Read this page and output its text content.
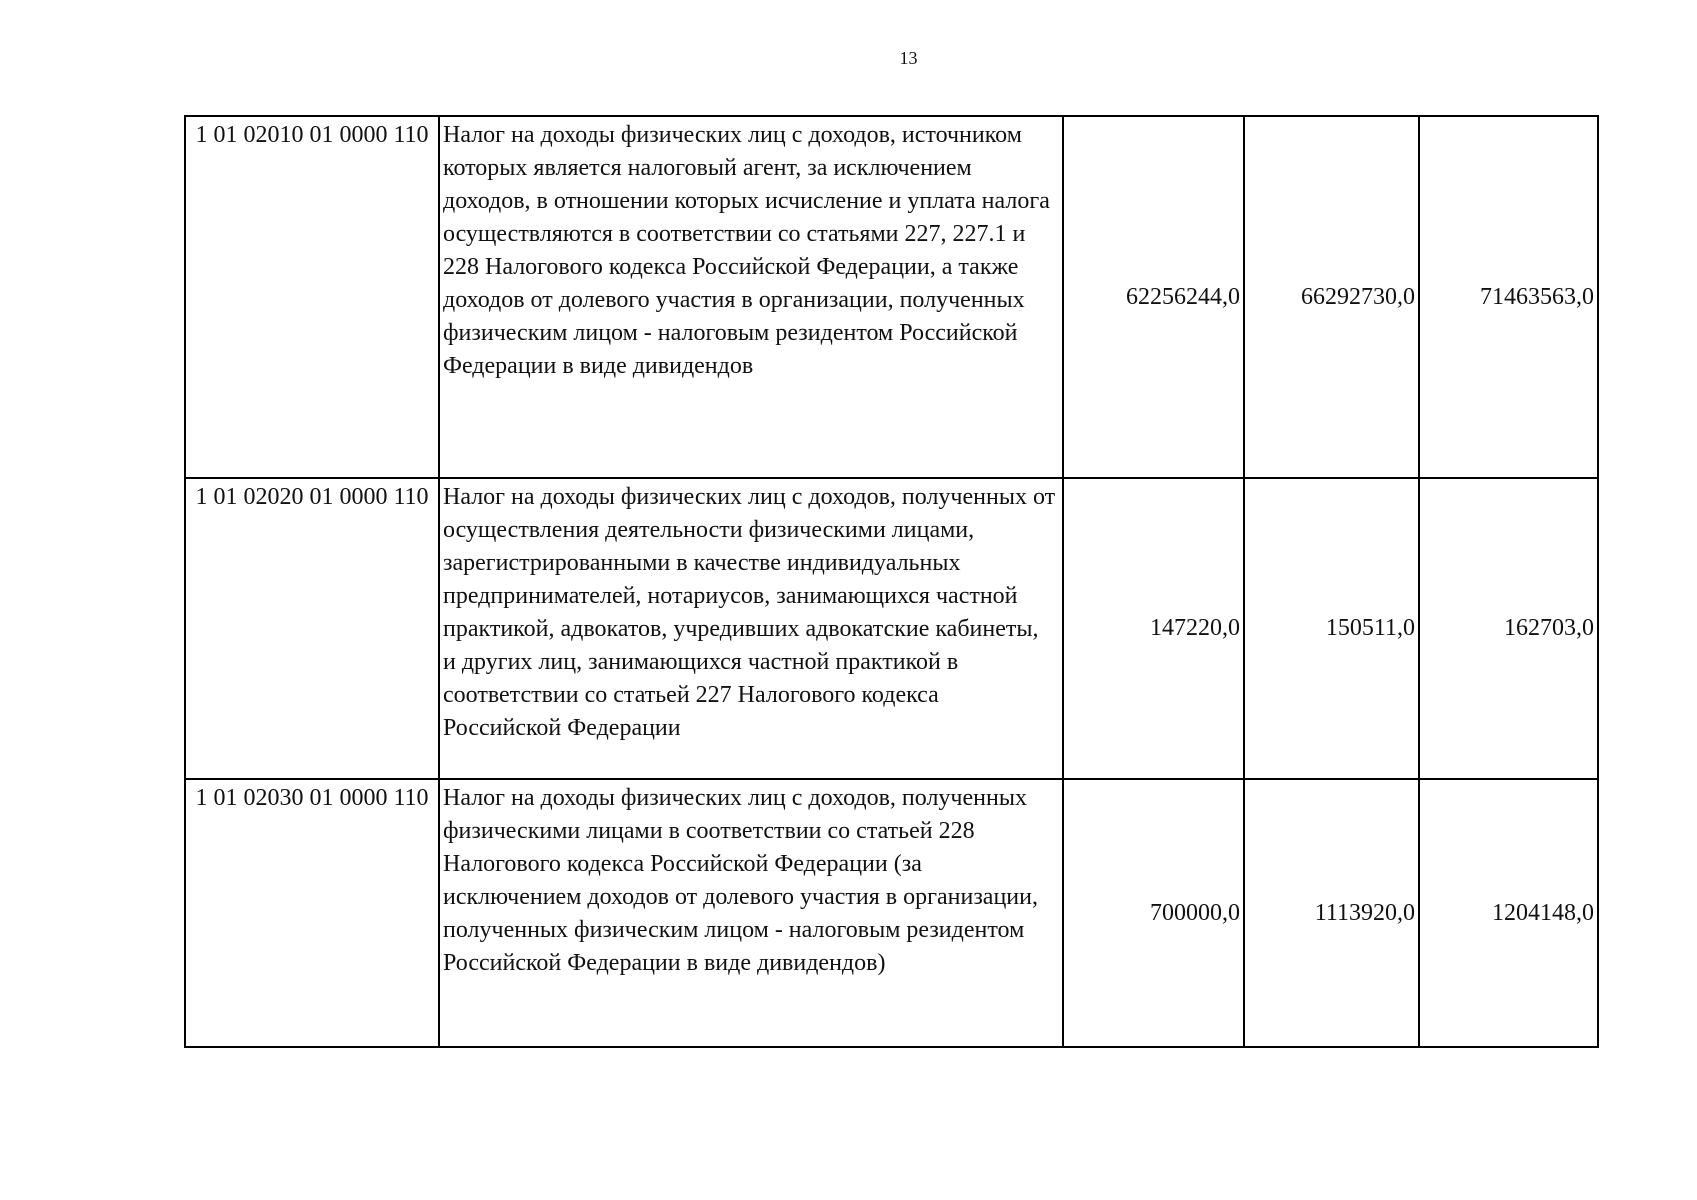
13
1 01 02010 01 0000 110	Налог на доходы физических лиц с доходов, источником которых является налоговый агент, за исключением доходов, в отношении которых исчисление и уплата налога осуществляются в соответствии со статьями 227, 227.1 и 228 Налогового кодекса Российской Федерации, а также доходов от долевого участия в организации, полученных физическим лицом - налоговым резидентом Российской Федерации в виде дивидендов	62256244,0	66292730,0	71463563,0
1 01 02020 01 0000 110	Налог на доходы физических лиц с доходов, полученных от осуществления деятельности физическими лицами, зарегистрированными в качестве индивидуальных предпринимателей, нотариусов, занимающихся частной практикой, адвокатов, учредивших адвокатские кабинеты, и других лиц, занимающихся частной практикой в соответствии со статьей 227 Налогового кодекса Российской Федерации	147220,0	150511,0	162703,0
1 01 02030 01 0000 110	Налог на доходы физических лиц с доходов, полученных физическими лицами в соответствии со статьей 228 Налогового кодекса Российской Федерации (за исключением доходов от долевого участия в организации, полученных физическим лицом - налоговым резидентом Российской Федерации в виде дивидендов)	700000,0	1113920,0	1204148,0
